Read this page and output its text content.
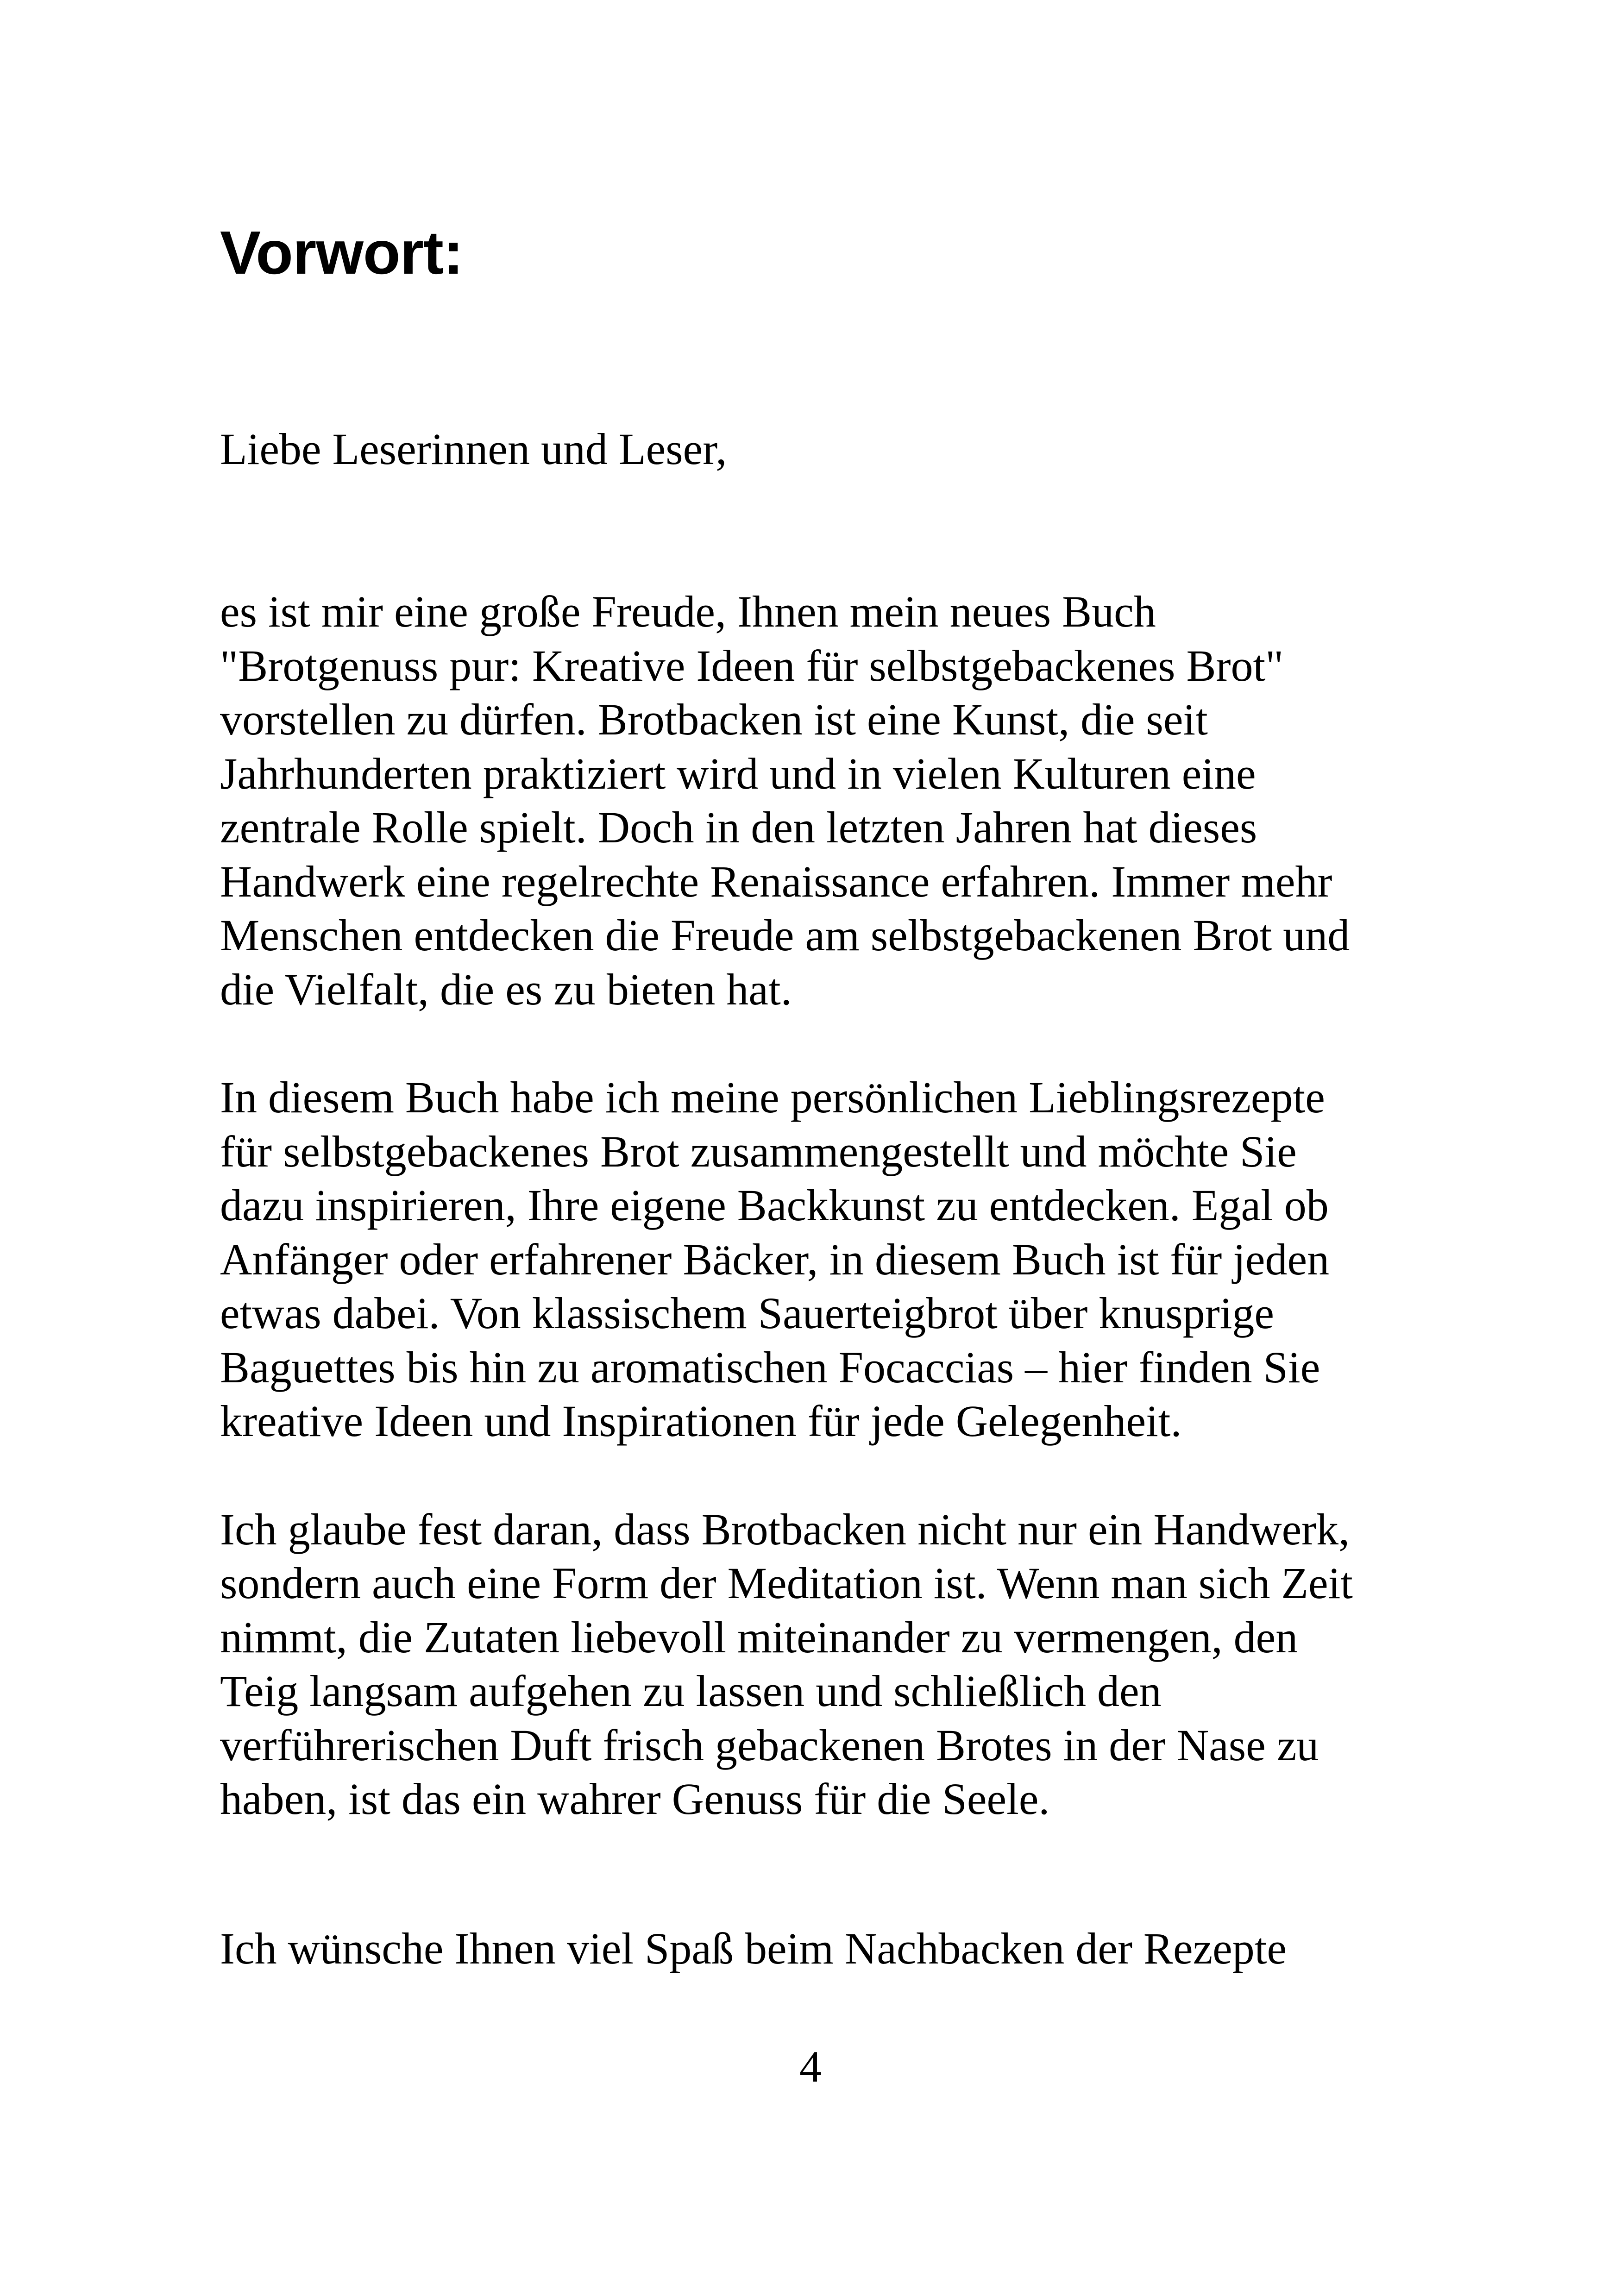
Vorwort:

Liebe Leserinnen und Leser,

es ist mir eine große Freude, Ihnen mein neues Buch
"Brotgenuss pur: Kreative Ideen für selbstgebackenes Brot"
vorstellen zu dürfen. Brotbacken ist eine Kunst, die seit
Jahrhunderten praktiziert wird und in vielen Kulturen eine
zentrale Rolle spielt. Doch in den letzten Jahren hat dieses
Handwerk eine regelrechte Renaissance erfahren. Immer mehr
Menschen entdecken die Freude am selbstgebackenen Brot und
die Vielfalt, die es zu bieten hat.

In diesem Buch habe ich meine persönlichen Lieblingsrezepte
für selbstgebackenes Brot zusammengestellt und möchte Sie
dazu inspirieren, Ihre eigene Backkunst zu entdecken. Egal ob
Anfänger oder erfahrener Bäcker, in diesem Buch ist für jeden
etwas dabei. Von klassischem Sauerteigbrot über knusprige
Baguettes bis hin zu aromatischen Focaccias – hier finden Sie
kreative Ideen und Inspirationen für jede Gelegenheit.

Ich glaube fest daran, dass Brotbacken nicht nur ein Handwerk,
sondern auch eine Form der Meditation ist. Wenn man sich Zeit
nimmt, die Zutaten liebevoll miteinander zu vermengen, den
Teig langsam aufgehen zu lassen und schließlich den
verführerischen Duft frisch gebackenen Brotes in der Nase zu
haben, ist das ein wahrer Genuss für die Seele.

Ich wünsche Ihnen viel Spaß beim Nachbacken der Rezepte

4
